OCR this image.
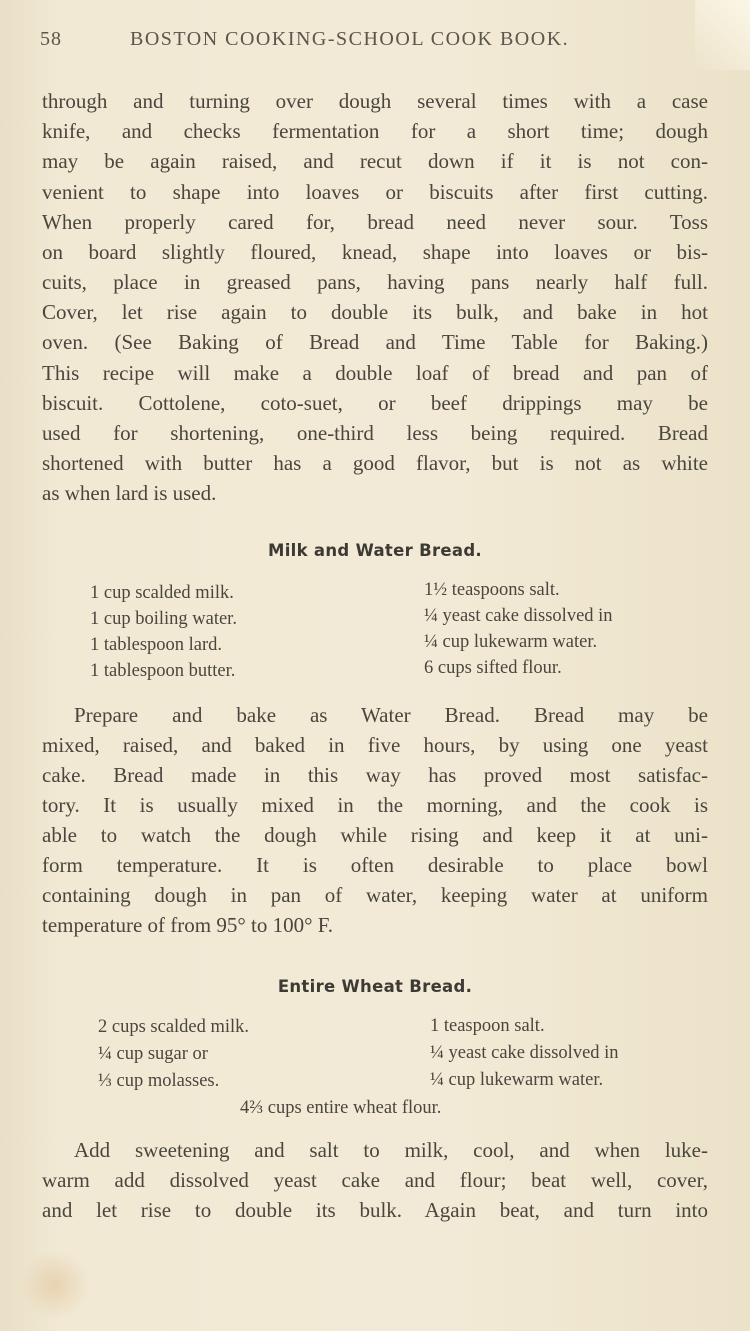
58	BOSTON COOKING-SCHOOL COOK BOOK.
through and turning over dough several times with a case
knife, and checks fermentation for a short time; dough
may be again raised, and recut down if it is not con-
venient to shape into loaves or biscuits after first cutting.
When properly cared for, bread need never sour. Toss
on board slightly floured, knead, shape into loaves or bis-
cuits, place in greased pans, having pans nearly half full.
Cover, let rise again to double its bulk, and bake in hot
oven. (See Baking of Bread and Time Table for Baking.)
This recipe will make a double loaf of bread and pan of
biscuit. Cottolene, coto-suet, or beef drippings may be
used for shortening, one-third less being required. Bread
shortened with butter has a good flavor, but is not as white
as when lard is used.
Milk and Water Bread.
1 cup scalded milk.
1 cup boiling water.
1 tablespoon lard.
1 tablespoon butter.
1½ teaspoons salt.
¼ yeast cake dissolved in
¼ cup lukewarm water.
6 cups sifted flour.
Prepare and bake as Water Bread. Bread may be
mixed, raised, and baked in five hours, by using one yeast
cake. Bread made in this way has proved most satisfac-
tory. It is usually mixed in the morning, and the cook is
able to watch the dough while rising and keep it at uni-
form temperature. It is often desirable to place bowl
containing dough in pan of water, keeping water at uniform
temperature of from 95° to 100° F.
Entire Wheat Bread.
2 cups scalded milk.
¼ cup sugar or
⅓ cup molasses.
1 teaspoon salt.
¼ yeast cake dissolved in
¼ cup lukewarm water.
4⅔ cups entire wheat flour.
Add sweetening and salt to milk, cool, and when luke-
warm add dissolved yeast cake and flour; beat well, cover,
and let rise to double its bulk. Again beat, and turn into
